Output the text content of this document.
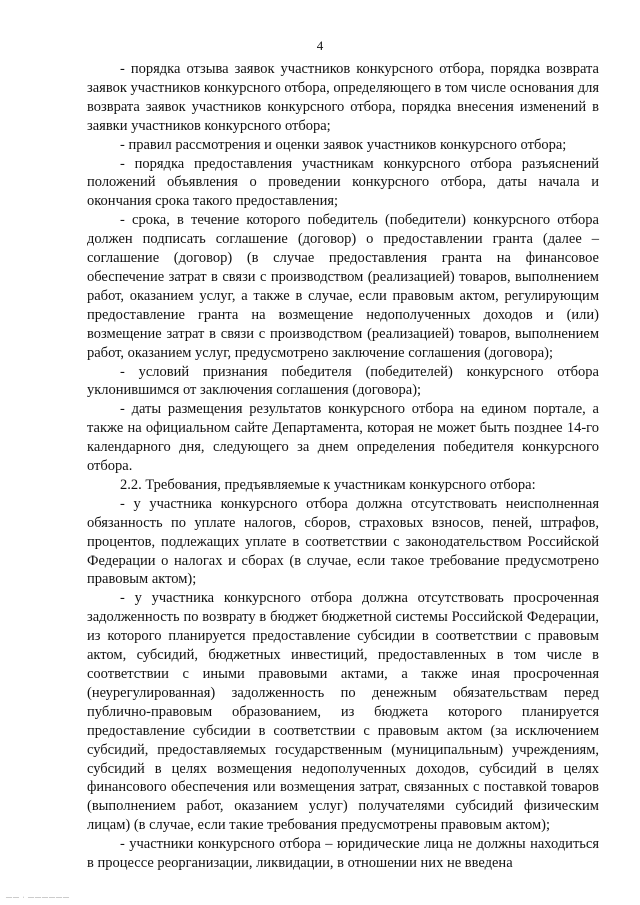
4

- порядка отзыва заявок участников конкурсного отбора, порядка возврата заявок участников конкурсного отбора, определяющего в том числе основания для возврата заявок участников конкурсного отбора, порядка внесения изменений в заявки участников конкурсного отбора;

- правил рассмотрения и оценки заявок участников конкурсного отбора;

- порядка предоставления участникам конкурсного отбора разъяснений положений объявления о проведении конкурсного отбора, даты начала и окончания срока такого предоставления;

- срока, в течение которого победитель (победители) конкурсного отбора должен подписать соглашение (договор) о предоставлении гранта (далее – соглашение (договор) (в случае предоставления гранта на финансовое обеспечение затрат в связи с производством (реализацией) товаров, выполнением работ, оказанием услуг, а также в случае, если правовым актом, регулирующим предоставление гранта на возмещение недополученных доходов и (или) возмещение затрат в связи с производством (реализацией) товаров, выполнением работ, оказанием услуг, предусмотрено заключение соглашения (договора);

- условий признания победителя (победителей) конкурсного отбора уклонившимся от заключения соглашения (договора);

- даты размещения результатов конкурсного отбора на едином портале, а также на официальном сайте Департамента, которая не может быть позднее 14-го календарного дня, следующего за днем определения победителя конкурсного отбора.

2.2. Требования, предъявляемые к участникам конкурсного отбора:

- у участника конкурсного отбора должна отсутствовать неисполненная обязанность по уплате налогов, сборов, страховых взносов, пеней, штрафов, процентов, подлежащих уплате в соответствии с законодательством Российской Федерации о налогах и сборах (в случае, если такое требование предусмотрено правовым актом);

- у участника конкурсного отбора должна отсутствовать просроченная задолженность по возврату в бюджет бюджетной системы Российской Федерации, из которого планируется предоставление субсидии в соответствии с правовым актом, субсидий, бюджетных инвестиций, предоставленных в том числе в соответствии с иными правовыми актами, а также иная просроченная (неурегулированная) задолженность по денежным обязательствам перед публично-правовым образованием, из бюджета которого планируется предоставление субсидии в соответствии с правовым актом (за исключением субсидий, предоставляемых государственным (муниципальным) учреждениям, субсидий в целях возмещения недополученных доходов, субсидий в целях финансового обеспечения или возмещения затрат, связанных с поставкой товаров (выполнением работ, оказанием услуг) получателями субсидий физическим лицам) (в случае, если такие требования предусмотрены правовым актом);

- участники конкурсного отбора – юридические лица не должны находиться в процессе реорганизации, ликвидации, в отношении них не введена

—— · ——————
